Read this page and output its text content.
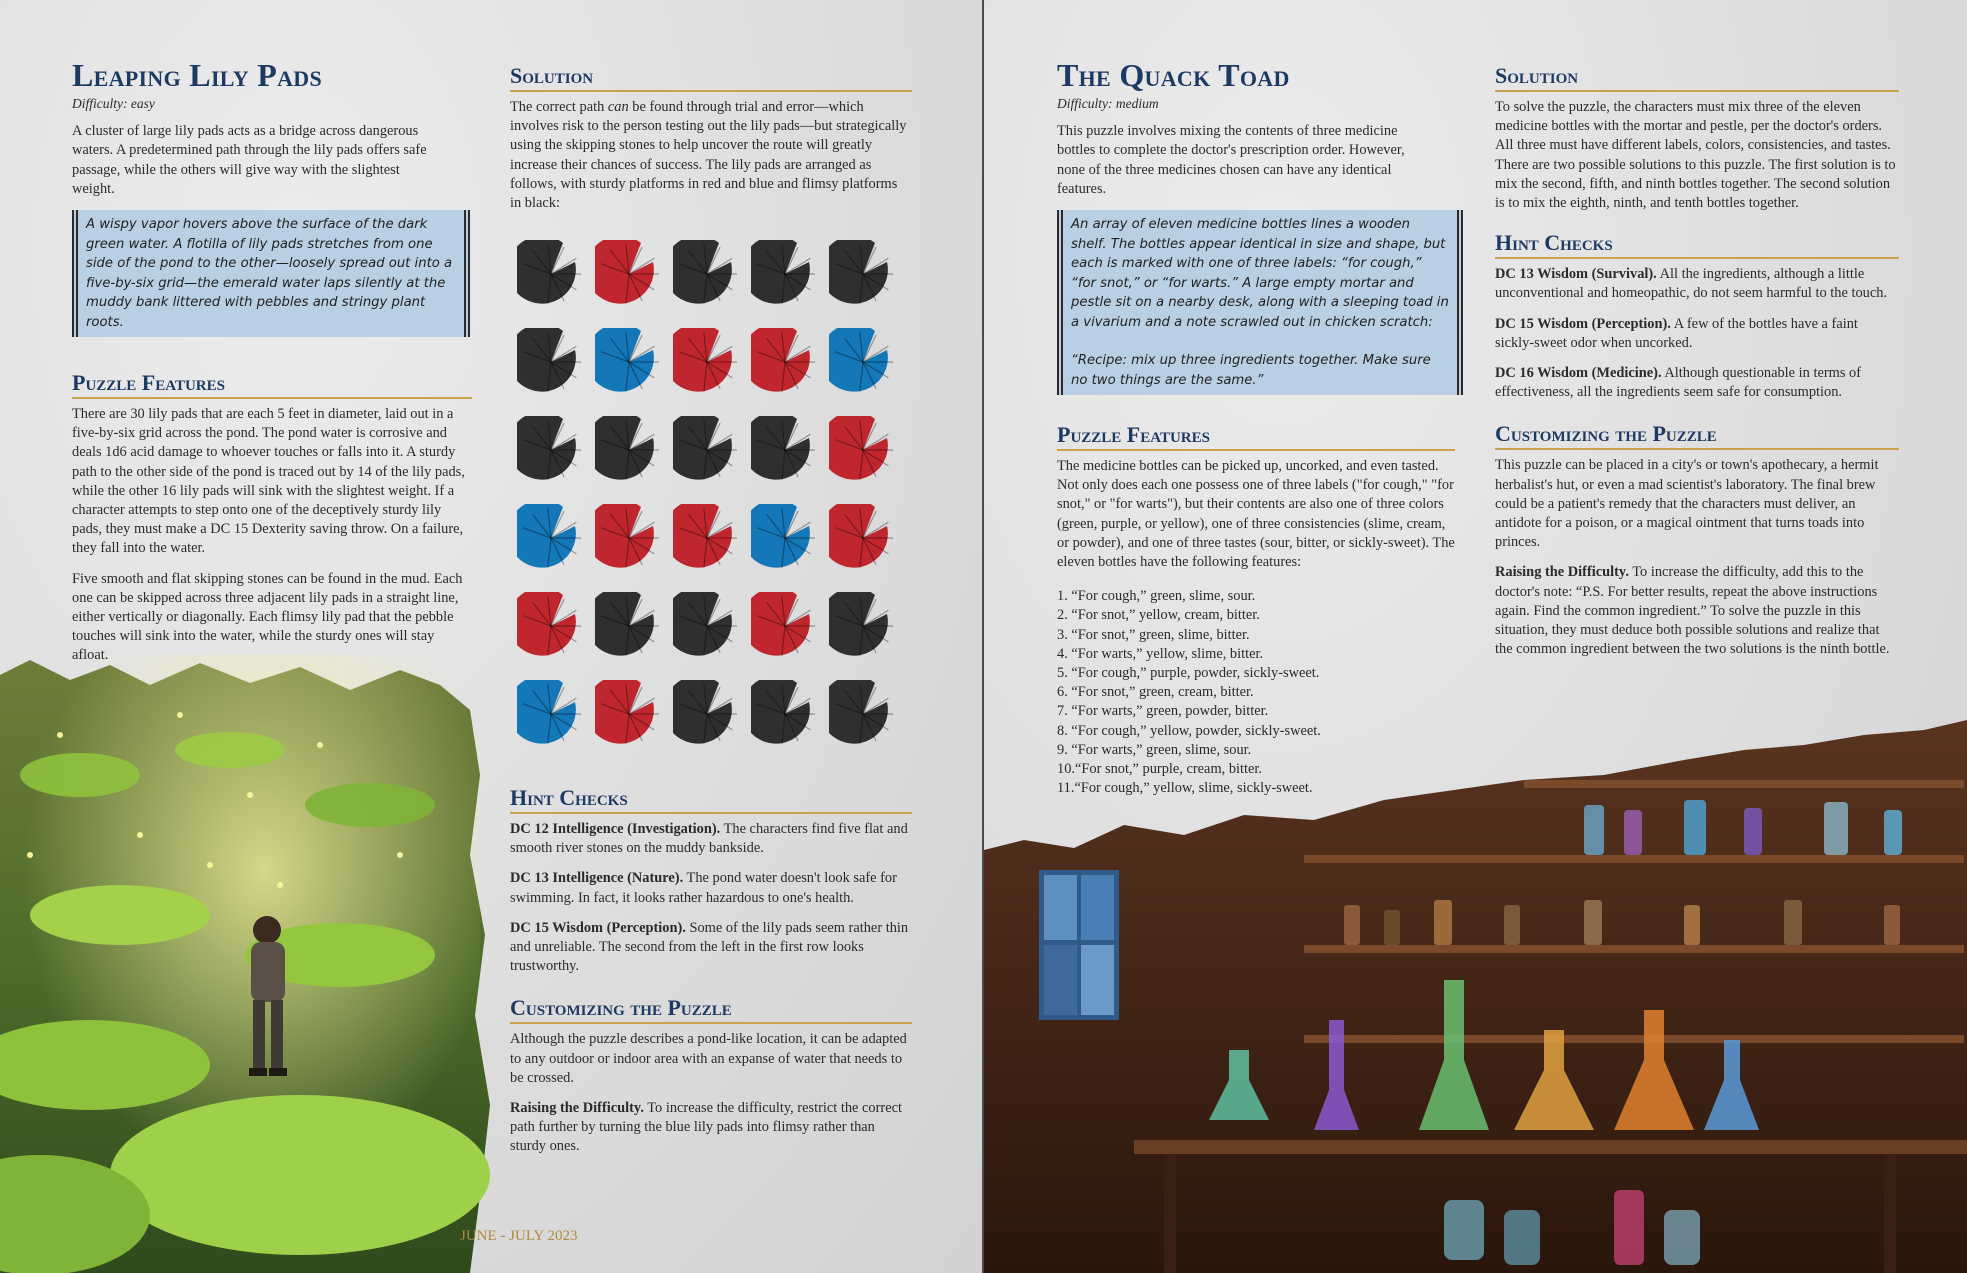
Leaping Lily Pads
Difficulty: easy

A cluster of large lily pads acts as a bridge across dangerous waters. A predetermined path through the lily pads offers safe passage, while the others will give way with the slightest weight.

A wispy vapor hovers above the surface of the dark green water. A flotilla of lily pads stretches from one side of the pond to the other—loosely spread out into a five-by-six grid—the emerald water laps silently at the muddy bank littered with pebbles and stringy plant roots.

Puzzle Features

There are 30 lily pads that are each 5 feet in diameter, laid out in a five-by-six grid across the pond. The pond water is corrosive and deals 1d6 acid damage to whoever touches or falls into it. A sturdy path to the other side of the pond is traced out by 14 of the lily pads, while the other 16 lily pads will sink with the slightest weight. If a character attempts to step onto one of the deceptively sturdy lily pads, they must make a DC 15 Dexterity saving throw. On a failure, they fall into the water.

Five smooth and flat skipping stones can be found in the mud. Each one can be skipped across three adjacent lily pads in a straight line, either vertically or diagonally. Each flimsy lily pad that the pebble touches will sink into the water, while the sturdy ones will stay afloat.

Solution

The correct path can be found through trial and error—which involves risk to the person testing out the lily pads—but strategically using the skipping stones to help uncover the route will greatly increase their chances of success. The lily pads are arranged as follows, with sturdy platforms in red and blue and flimsy platforms in black:

Hint Checks

DC 12 Intelligence (Investigation). The characters find five flat and smooth river stones on the muddy bankside.

DC 13 Intelligence (Nature). The pond water doesn't look safe for swimming. In fact, it looks rather hazardous to one's health.

DC 15 Wisdom (Perception). Some of the lily pads seem rather thin and unreliable. The second from the left in the first row looks trustworthy.

Customizing the Puzzle

Although the puzzle describes a pond-like location, it can be adapted to any outdoor or indoor area with an expanse of water that needs to be crossed.

Raising the Difficulty. To increase the difficulty, restrict the correct path further by turning the blue lily pads into flimsy rather than sturdy ones.

JUNE - JULY 2023
The Quack Toad
Difficulty: medium

This puzzle involves mixing the contents of three medicine bottles to complete the doctor's prescription order. However, none of the three medicines chosen can have any identical features.

An array of eleven medicine bottles lines a wooden shelf. The bottles appear identical in size and shape, but each is marked with one of three labels: “for cough,” “for snot,” or “for warts.” A large empty mortar and pestle sit on a nearby desk, along with a sleeping toad in a vivarium and a note scrawled out in chicken scratch:

“Recipe: mix up three ingredients together. Make sure no two things are the same.”

Puzzle Features

The medicine bottles can be picked up, uncorked, and even tasted. Not only does each one possess one of three labels ("for cough," "for snot," or "for warts"), but their contents are also one of three colors (green, purple, or yellow), one of three consistencies (slime, cream, or powder), and one of three tastes (sour, bitter, or sickly-sweet). The eleven bottles have the following features:

1. “For cough,” green, slime, sour.
2. “For snot,” yellow, cream, bitter.
3. “For snot,” green, slime, bitter.
4. “For warts,” yellow, slime, bitter.
5. “For cough,” purple, powder, sickly-sweet.
6. “For snot,” green, cream, bitter.
7. “For warts,” green, powder, bitter.
8. “For cough,” yellow, powder, sickly-sweet.
9. “For warts,” green, slime, sour.
10.“For snot,” purple, cream, bitter.
11.“For cough,” yellow, slime, sickly-sweet.
Solution

To solve the puzzle, the characters must mix three of the eleven medicine bottles with the mortar and pestle, per the doctor's orders. All three must have different labels, colors, consistencies, and tastes. There are two possible solutions to this puzzle. The first solution is to mix the second, fifth, and ninth bottles together. The second solution is to mix the eighth, ninth, and tenth bottles together.

Hint Checks

DC 13 Wisdom (Survival). All the ingredients, although a little unconventional and homeopathic, do not seem harmful to the touch.

DC 15 Wisdom (Perception). A few of the bottles have a faint sickly-sweet odor when uncorked.

DC 16 Wisdom (Medicine). Although questionable in terms of effectiveness, all the ingredients seem safe for consumption.

Customizing the Puzzle

This puzzle can be placed in a city's or town's apothecary, a hermit herbalist's hut, or even a mad scientist's laboratory. The final brew could be a patient's remedy that the characters must deliver, an antidote for a poison, or a magical ointment that turns toads into princes.

Raising the Difficulty. To increase the difficulty, add this to the doctor's note: “P.S. For better results, repeat the above instructions again. Find the common ingredient.” To solve the puzzle in this situation, they must deduce both possible solutions and realize that the common ingredient between the two solutions is the ninth bottle.
